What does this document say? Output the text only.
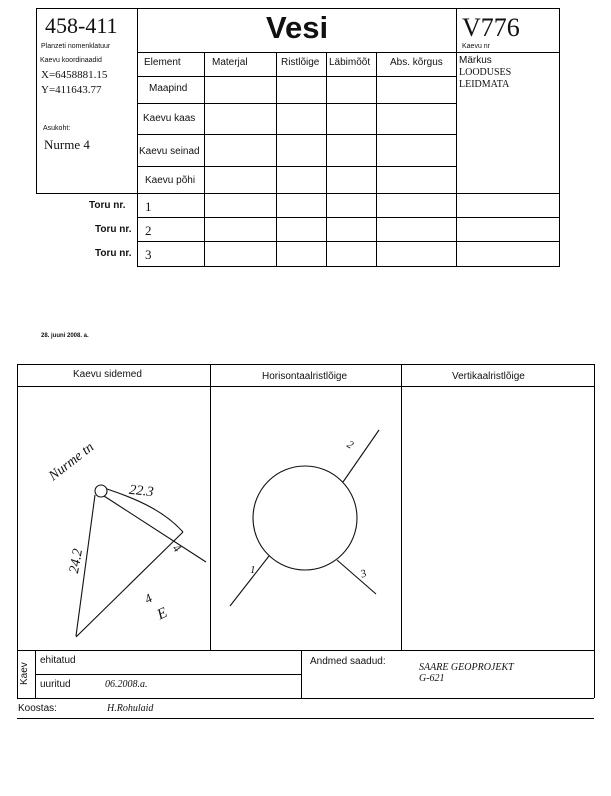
458-411
Planzeti nomenklatuur
Vesi	V776
Kaevu nr
Kaevu koordinaadid
X=6458881.15
Y=411643.77
Asukoht:
Nurme 4
Element	Materjal	Ristlõige Läbimõõt Abs. kõrgus
Maapind
Kaevu kaas
Kaevu seinad
Kaevu põhi
Märkus
LOODUSES
LEIDMATA
Toru nr. 1
Toru nr. 2
Toru nr. 3
28. juuni 2008. a.
Kaevu sidemed	Horisontaalristlõige	Vertikaalristlõige
Nurme tn
22.3
24.2	4
4
E
1
2
3
Kaev
ehitatud
uuritud	06.2008.a.
Andmed saadud:
SAARE GEOPROJEKT
G-621
Koostas:	H.Rohulaid
